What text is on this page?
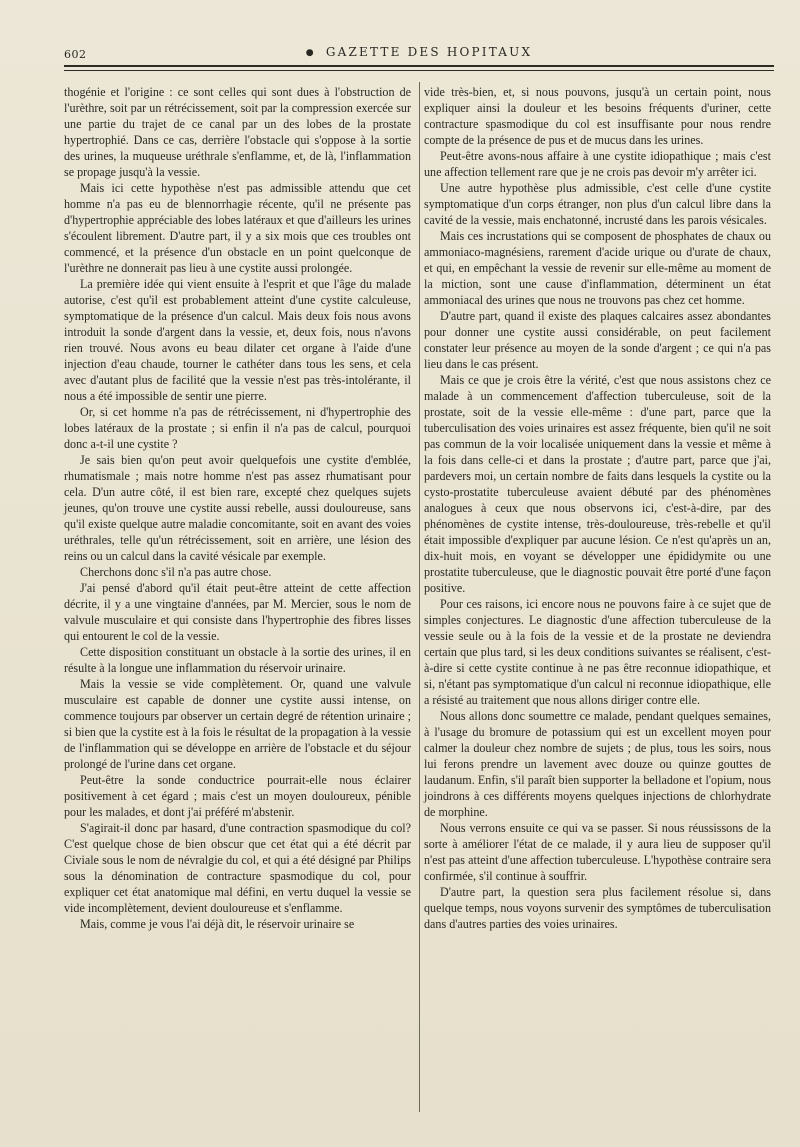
602	● GAZETTE DES HOPITAUX

thogénie et l'origine : ce sont celles qui sont dues à l'obstruction de l'urèthre, soit par un rétrécissement, soit par la compression exercée sur une partie du trajet de ce canal par un des lobes de la prostate hypertrophié. Dans ce cas, derrière l'obstacle qui s'oppose à la sortie des urines, la muqueuse uréthrale s'enflamme, et, de là, l'inflammation se propage jusqu'à la vessie.

Mais ici cette hypothèse n'est pas admissible attendu que cet homme n'a pas eu de blennorrhagie récente, qu'il ne présente pas d'hypertrophie appréciable des lobes latéraux et que d'ailleurs les urines s'écoulent librement. D'autre part, il y a six mois que ces troubles ont commencé, et la présence d'un obstacle en un point quelconque de l'urèthre ne donnerait pas lieu à une cystite aussi prolongée.

La première idée qui vient ensuite à l'esprit et que l'âge du malade autorise, c'est qu'il est probablement atteint d'une cystite calculeuse, symptomatique de la présence d'un calcul. Mais deux fois nous avons introduit la sonde d'argent dans la vessie, et, deux fois, nous n'avons rien trouvé. Nous avons eu beau dilater cet organe à l'aide d'une injection d'eau chaude, tourner le cathéter dans tous les sens, et cela avec d'autant plus de facilité que la vessie n'est pas très-intolérante, il nous a été impossible de sentir une pierre.

Or, si cet homme n'a pas de rétrécissement, ni d'hypertrophie des lobes latéraux de la prostate ; si enfin il n'a pas de calcul, pourquoi donc a-t-il une cystite ?

Je sais bien qu'on peut avoir quelquefois une cystite d'emblée, rhumatismale ; mais notre homme n'est pas assez rhumatisant pour cela. D'un autre côté, il est bien rare, excepté chez quelques sujets jeunes, qu'on trouve une cystite aussi rebelle, aussi douloureuse, sans qu'il existe quelque autre maladie concomitante, soit en avant des voies uréthrales, telle qu'un rétrécissement, soit en arrière, une lésion des reins ou un calcul dans la cavité vésicale par exemple.

Cherchons donc s'il n'a pas autre chose.

J'ai pensé d'abord qu'il était peut-être atteint de cette affection décrite, il y a une vingtaine d'années, par M. Mercier, sous le nom de valvule musculaire et qui consiste dans l'hypertrophie des fibres lisses qui entourent le col de la vessie.

Cette disposition constituant un obstacle à la sortie des urines, il en résulte à la longue une inflammation du réservoir urinaire.

Mais la vessie se vide complètement. Or, quand une valvule musculaire est capable de donner une cystite aussi intense, on commence toujours par observer un certain degré de rétention urinaire ; si bien que la cystite est à la fois le résultat de la propagation à la vessie de l'inflammation qui se développe en arrière de l'obstacle et du séjour prolongé de l'urine dans cet organe.

Peut-être la sonde conductrice pourrait-elle nous éclairer positivement à cet égard ; mais c'est un moyen douloureux, pénible pour les malades, et dont j'ai préféré m'abstenir.

S'agirait-il donc par hasard, d'une contraction spasmodique du col? C'est quelque chose de bien obscur que cet état qui a été décrit par Civiale sous le nom de névralgie du col, et qui a été désigné par Philips sous la dénomination de contracture spasmodique du col, pour expliquer cet état anatomique mal défini, en vertu duquel la vessie se vide incomplètement, devient douloureuse et s'enflamme.

Mais, comme je vous l'ai déjà dit, le réservoir urinaire se

vide très-bien, et, si nous pouvons, jusqu'à un certain point, nous expliquer ainsi la douleur et les besoins fréquents d'uriner, cette contracture spasmodique du col est insuffisante pour nous rendre compte de la présence de pus et de mucus dans les urines.

Peut-être avons-nous affaire à une cystite idiopathique ; mais c'est une affection tellement rare que je ne crois pas devoir m'y arrêter ici.

Une autre hypothèse plus admissible, c'est celle d'une cystite symptomatique d'un corps étranger, non plus d'un calcul libre dans la cavité de la vessie, mais enchatonné, incrusté dans les parois vésicales.

Mais ces incrustations qui se composent de phosphates de chaux ou ammoniaco-magnésiens, rarement d'acide urique ou d'urate de chaux, et qui, en empêchant la vessie de revenir sur elle-même au moment de la miction, sont une cause d'inflammation, déterminent un état ammoniacal des urines que nous ne trouvons pas chez cet homme.

D'autre part, quand il existe des plaques calcaires assez abondantes pour donner une cystite aussi considérable, on peut facilement constater leur présence au moyen de la sonde d'argent ; ce qui n'a pas lieu dans le cas présent.

Mais ce que je crois être la vérité, c'est que nous assistons chez ce malade à un commencement d'affection tuberculeuse, soit de la prostate, soit de la vessie elle-même : d'une part, parce que la tuberculisation des voies urinaires est assez fréquente, bien qu'il ne soit pas commun de la voir localisée uniquement dans la vessie et même à la fois dans celle-ci et dans la prostate ; d'autre part, parce que j'ai, pardevers moi, un certain nombre de faits dans lesquels la cystite ou la cysto-prostatite tuberculeuse avaient débuté par des phénomènes analogues à ceux que nous observons ici, c'est-à-dire, par des phénomènes de cystite intense, très-douloureuse, très-rebelle et qu'il était impossible d'expliquer par aucune lésion. Ce n'est qu'après un an, dix-huit mois, en voyant se développer une épididymite ou une prostatite tuberculeuse, que le diagnostic pouvait être porté d'une façon positive.

Pour ces raisons, ici encore nous ne pouvons faire à ce sujet que de simples conjectures. Le diagnostic d'une affection tuberculeuse de la vessie seule ou à la fois de la vessie et de la prostate ne deviendra certain que plus tard, si les deux conditions suivantes se réalisent, c'est-à-dire si cette cystite continue à ne pas être reconnue idiopathique, et si, n'étant pas symptomatique d'un calcul ni reconnue idiopathique, elle a résisté au traitement que nous allons diriger contre elle.

Nous allons donc soumettre ce malade, pendant quelques semaines, à l'usage du bromure de potassium qui est un excellent moyen pour calmer la douleur chez nombre de sujets ; de plus, tous les soirs, nous lui ferons prendre un lavement avec douze ou quinze gouttes de laudanum. Enfin, s'il paraît bien supporter la belladone et l'opium, nous joindrons à ces différents moyens quelques injections de chlorhydrate de morphine.

Nous verrons ensuite ce qui va se passer. Si nous réussissons de la sorte à améliorer l'état de ce malade, il y aura lieu de supposer qu'il n'est pas atteint d'une affection tuberculeuse. L'hypothèse contraire sera confirmée, s'il continue à souffrir.

D'autre part, la question sera plus facilement résolue si, dans quelque temps, nous voyons survenir des symptômes de tuberculisation dans d'autres parties des voies urinaires.
